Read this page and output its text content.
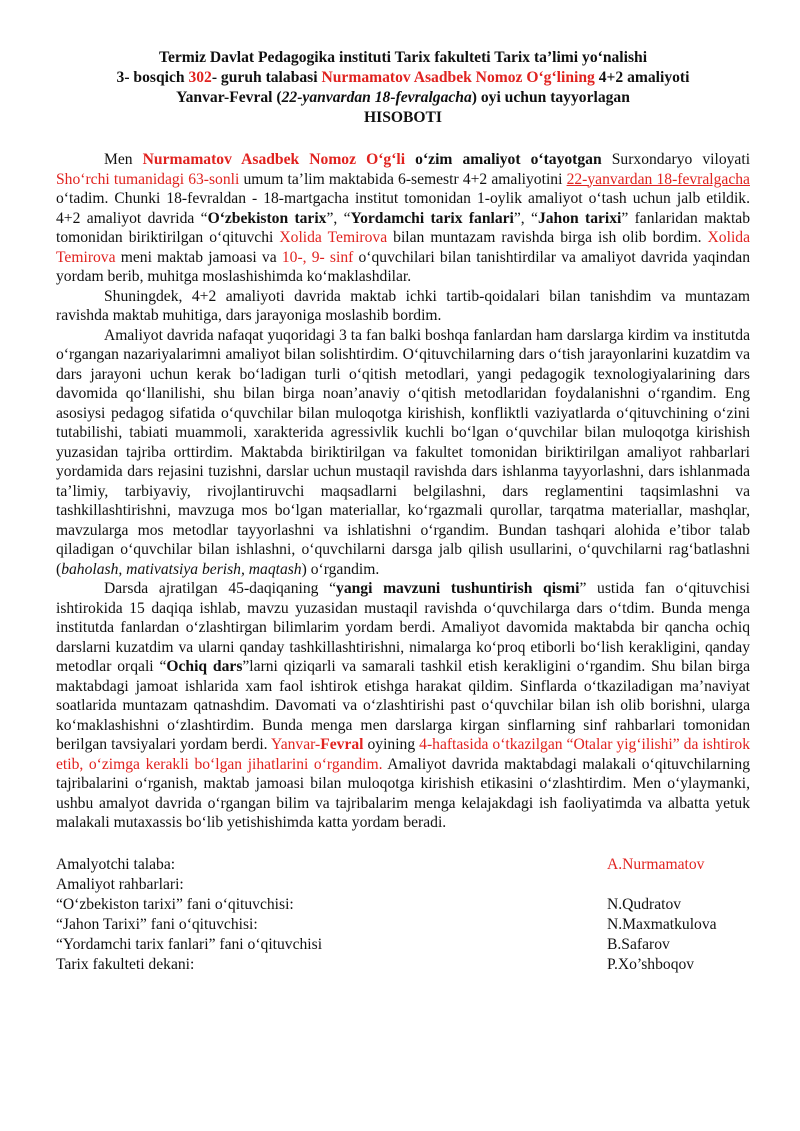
Termiz Davlat Pedagogika instituti Tarix fakulteti Tarix ta’limi yo‘nalishi
3- bosqich 302- guruh talabasi Nurmamatov Asadbek Nomoz O‘g‘lining 4+2 amaliyoti
Yanvar-Fevral (22-yanvardan 18-fevralgacha) oyi uchun tayyorlagan
HISOBOTI

Men Nurmamatov Asadbek Nomoz O‘g‘li o‘zim amaliyot o‘tayotgan Surxondaryo viloyati Sho‘rchi tumanidagi 63-sonli umum ta’lim maktabida 6-semestr 4+2 amaliyotini 22-yanvardan 18-fevralgacha o‘tadim. Chunki 18-fevraldan - 18-martgacha institut tomonidan 1-oylik amaliyot o‘tash uchun jalb etildik. 4+2 amaliyot davrida “O‘zbekiston tarix”, “Yordamchi tarix fanlari”, “Jahon tarixi” fanlaridan maktab tomonidan biriktirilgan o‘qituvchi Xolida Temirova bilan muntazam ravishda birga ish olib bordim. Xolida Temirova meni maktab jamoasi va 10-, 9- sinf o‘quvchilari bilan tanishtirdilar va amaliyot davrida yaqindan yordam berib, muhitga moslashishimda ko‘maklashdilar.

Shuningdek, 4+2 amaliyoti davrida maktab ichki tartib-qoidalari bilan tanishdim va muntazam ravishda maktab muhitiga, dars jarayoniga moslashib bordim.

Amaliyot davrida nafaqat yuqoridagi 3 ta fan balki boshqa fanlardan ham darslarga kirdim va institutda o‘rgangan nazariyalarimni amaliyot bilan solishtirdim. O‘qituvchilarning dars o‘tish jarayonlarini kuzatdim va dars jarayoni uchun kerak bo‘ladigan turli o‘qitish metodlari, yangi pedagogik texnologiyalarining dars davomida qo‘llanilishi, shu bilan birga noan’anaviy o‘qitish metodlaridan foydalanishni o‘rgandim. Eng asosiysi pedagog sifatida o‘quvchilar bilan muloqotga kirishish, konfliktli vaziyatlarda o‘qituvchining o‘zini tutabilishi, tabiati muammoli, xarakterida agressivlik kuchli bo‘lgan o‘quvchilar bilan muloqotga kirishish yuzasidan tajriba orttirdim. Maktabda biriktirilgan va fakultet tomonidan biriktirilgan amaliyot rahbarlari yordamida dars rejasini tuzishni, darslar uchun mustaqil ravishda dars ishlanma tayyorlashni, dars ishlanmada ta’limiy, tarbiyaviy, rivojlantiruvchi maqsadlarni belgilashni, dars reglamentini taqsimlashni va tashkillashtirishni, mavzuga mos bo‘lgan materiallar, ko‘rgazmali qurollar, tarqatma materiallar, mashqlar, mavzularga mos metodlar tayyorlashni va ishlatishni o‘rgandim. Bundan tashqari alohida e’tibor talab qiladigan o‘quvchilar bilan ishlashni, o‘quvchilarni darsga jalb qilish usullarini, o‘quvchilarni rag‘batlashni (baholash, mativatsiya berish, maqtash) o‘rgandim.

Darsda ajratilgan 45-daqiqaning “yangi mavzuni tushuntirish qismi” ustida fan o‘qituvchisi ishtirokida 15 daqiqa ishlab, mavzu yuzasidan mustaqil ravishda o‘quvchilarga dars o‘tdim. Bunda menga institutda fanlardan o‘zlashtirgan bilimlarim yordam berdi. Amaliyot davomida maktabda bir qancha ochiq darslarni kuzatdim va ularni qanday tashkillashtirishni, nimalarga ko‘proq etiborli bo‘lish kerakligini, qanday metodlar orqali “Ochiq dars”larni qiziqarli va samarali tashkil etish kerakligini o‘rgandim. Shu bilan birga maktabdagi jamoat ishlarida xam faol ishtirok etishga harakat qildim. Sinflarda o‘tkaziladigan ma’naviyat soatlarida muntazam qatnashdim. Davomati va o‘zlashtirishi past o‘quvchilar bilan ish olib borishni, ularga ko‘maklashishni o‘zlashtirdim. Bunda menga men darslarga kirgan sinflarning sinf rahbarlari tomonidan berilgan tavsiyalari yordam berdi. Yanvar-Fevral oyining 4-haftasida o‘tkazilgan “Otalar yig‘ilishi” da ishtirok etib, o‘zimga kerakli bo‘lgan jihatlarini o‘rgandim. Amaliyot davrida maktabdagi malakali o‘qituvchilarning tajribalarini o‘rganish, maktab jamoasi bilan muloqotga kirishish etikasini o‘zlashtirdim. Men o‘ylaymanki, ushbu amalyot davrida o‘rgangan bilim va tajribalarim menga kelajakdagi ish faoliyatimda va albatta yetuk malakali mutaxassis bo‘lib yetishishimda katta yordam beradi.

Amalyotchi talaba:	A.Nurmamatov
Amaliyot rahbarlari:
“O‘zbekiston tarixi” fani o‘qituvchisi:	N.Qudratov
“Jahon Tarixi” fani o‘qituvchisi:	N.Maxmatkulova
“Yordamchi tarix fanlari” fani o‘qituvchisi	B.Safarov
Tarix fakulteti dekani:	P.Xo’shboqov
